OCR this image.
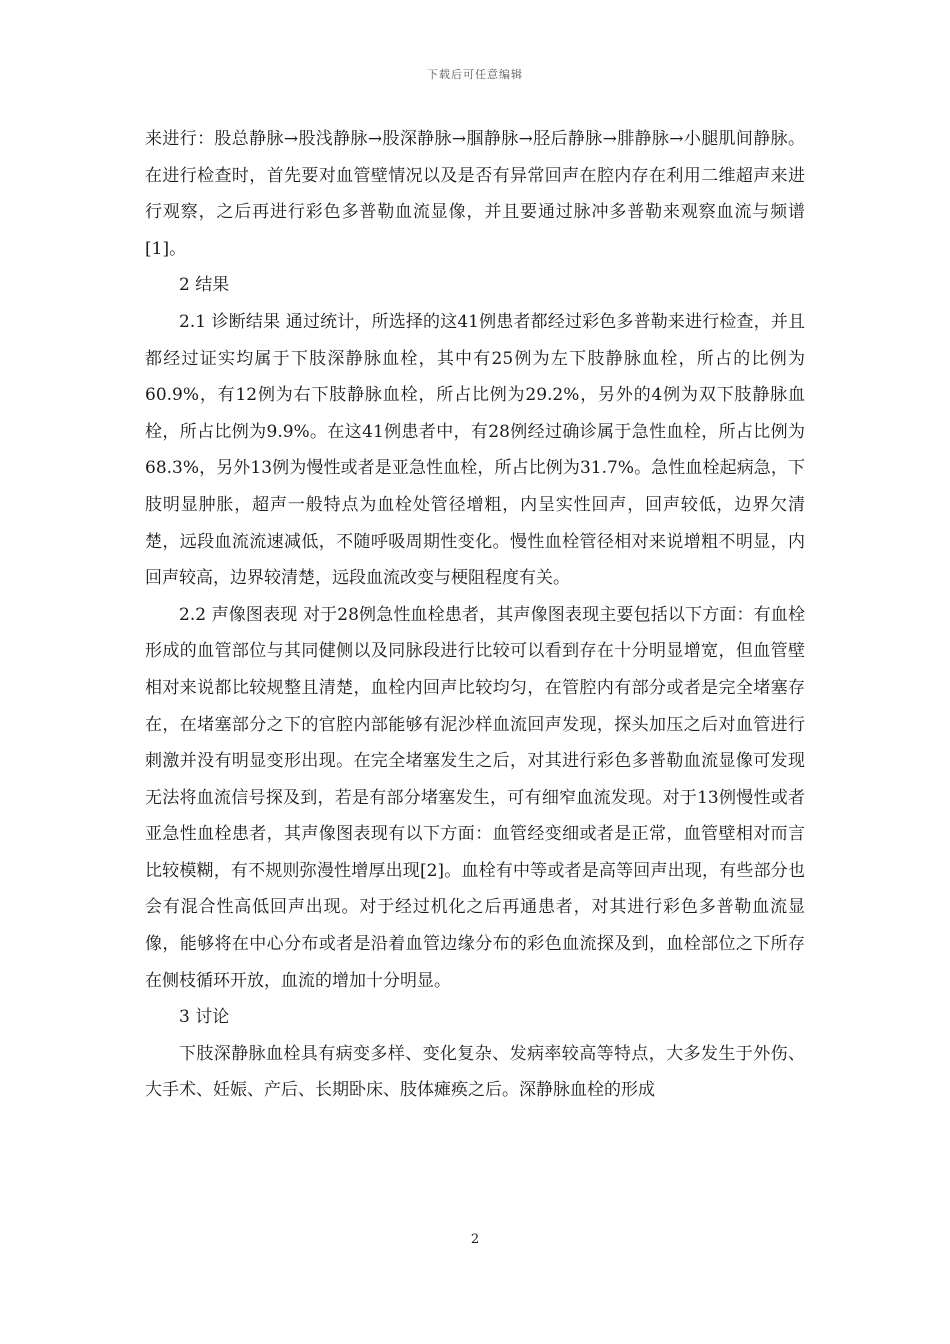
下载后可任意编辑

来进行：股总静脉→股浅静脉→股深静脉→腘静脉→胫后静脉→腓静脉→小腿肌间静脉。在进行检查时，首先要对血管壁情况以及是否有异常回声在腔内存在利用二维超声来进行观察，之后再进行彩色多普勒血流显像，并且要通过脉冲多普勒来观察血流与频谱[1]。

2 结果

2.1 诊断结果 通过统计，所选择的这41例患者都经过彩色多普勒来进行检查，并且都经过证实均属于下肢深静脉血栓，其中有25例为左下肢静脉血栓，所占的比例为60.9%，有12例为右下肢静脉血栓，所占比例为29.2%，另外的4例为双下肢静脉血栓，所占比例为9.9%。在这41例患者中，有28例经过确诊属于急性血栓，所占比例为68.3%，另外13例为慢性或者是亚急性血栓，所占比例为31.7%。急性血栓起病急，下肢明显肿胀，超声一般特点为血栓处管径增粗，内呈实性回声，回声较低，边界欠清楚，远段血流流速减低，不随呼吸周期性变化。慢性血栓管径相对来说增粗不明显，内回声较高，边界较清楚，远段血流改变与梗阻程度有关。

2.2 声像图表现 对于28例急性血栓患者，其声像图表现主要包括以下方面：有血栓形成的血管部位与其同健侧以及同脉段进行比较可以看到存在十分明显增宽，但血管壁相对来说都比较规整且清楚，血栓内回声比较均匀，在管腔内有部分或者是完全堵塞存在，在堵塞部分之下的官腔内部能够有泥沙样血流回声发现，探头加压之后对血管进行刺激并没有明显变形出现。在完全堵塞发生之后，对其进行彩色多普勒血流显像可发现无法将血流信号探及到，若是有部分堵塞发生，可有细窄血流发现。对于13例慢性或者亚急性血栓患者，其声像图表现有以下方面：血管经变细或者是正常，血管壁相对而言比较模糊，有不规则弥漫性增厚出现[2]。血栓有中等或者是高等回声出现，有些部分也会有混合性高低回声出现。对于经过机化之后再通患者，对其进行彩色多普勒血流显像，能够将在中心分布或者是沿着血管边缘分布的彩色血流探及到，血栓部位之下所存在侧枝循环开放，血流的增加十分明显。

3 讨论

下肢深静脉血栓具有病变多样、变化复杂、发病率较高等特点，大多发生于外伤、大手术、妊娠、产后、长期卧床、肢体瘫痪之后。深静脉血栓的形成

2
